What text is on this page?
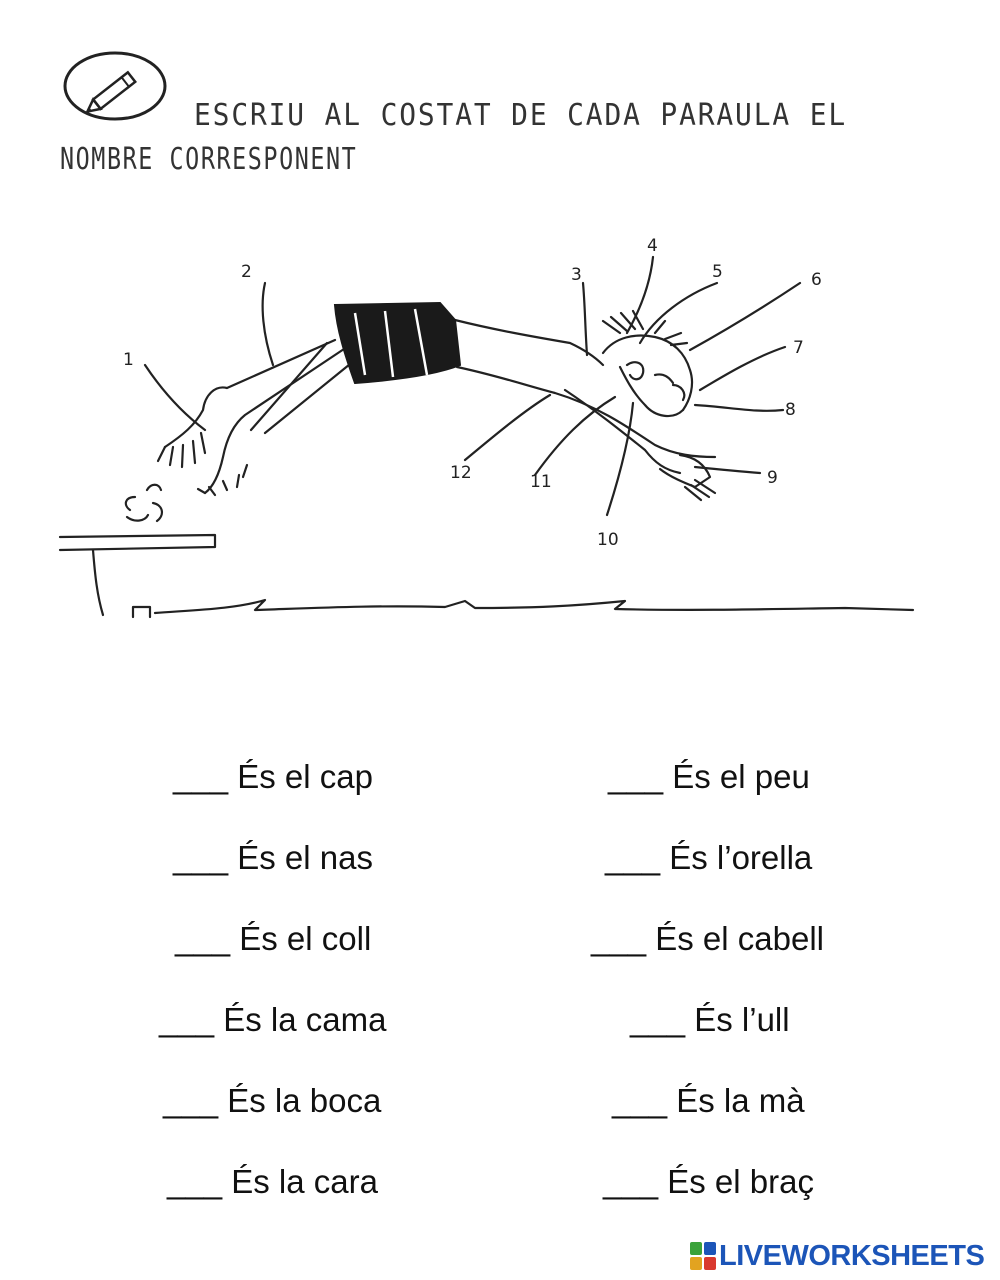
ESCRIU AL COSTAT DE CADA PARAULA EL
NOMBRE CORRESPONENT
1
2	3
4
5	6
7
8
9
10
11
12
___ És el cap
___ És el nas
___ És el coll
___ És la cama
___ És la boca
___ És la cara
___ És el peu
___ És l’orella
___ És el cabell
___ És l’ull
___ És la mà
___ És el braç
LIVEWORKSHEETS
